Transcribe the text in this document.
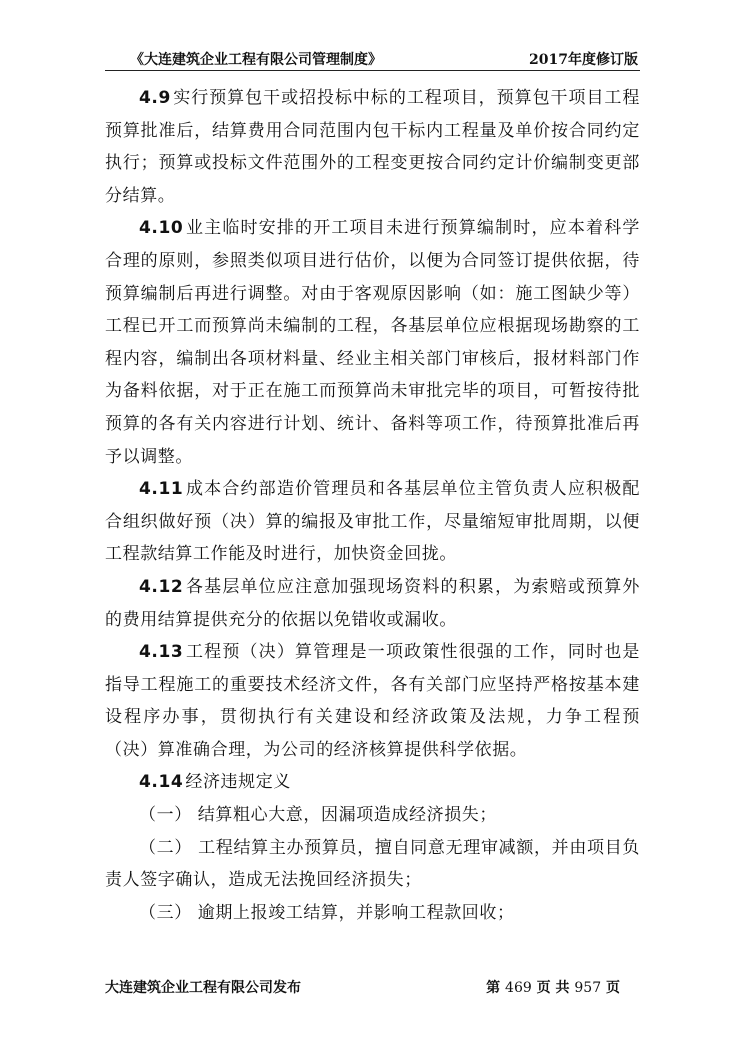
《大连建筑企业工程有限公司管理制度》	2017年度修订版

4.9 实行预算包干或招投标中标的工程项目，预算包干项目工程预算批准后，结算费用合同范围内包干标内工程量及单价按合同约定执行；预算或投标文件范围外的工程变更按合同约定计价编制变更部分结算。

4.10 业主临时安排的开工项目未进行预算编制时，应本着科学合理的原则，参照类似项目进行估价，以便为合同签订提供依据，待预算编制后再进行调整。对由于客观原因影响（如：施工图缺少等）工程已开工而预算尚未编制的工程，各基层单位应根据现场勘察的工程内容，编制出各项材料量、经业主相关部门审核后，报材料部门作为备料依据，对于正在施工而预算尚未审批完毕的项目，可暂按待批预算的各有关内容进行计划、统计、备料等项工作，待预算批准后再予以调整。

4.11 成本合约部造价管理员和各基层单位主管负责人应积极配合组织做好预（决）算的编报及审批工作，尽量缩短审批周期，以便工程款结算工作能及时进行，加快资金回拢。

4.12 各基层单位应注意加强现场资料的积累，为索赔或预算外的费用结算提供充分的依据以免错收或漏收。

4.13 工程预（决）算管理是一项政策性很强的工作，同时也是指导工程施工的重要技术经济文件，各有关部门应坚持严格按基本建设程序办事，贯彻执行有关建设和经济政策及法规，力争工程预（决）算准确合理，为公司的经济核算提供科学依据。

4.14 经济违规定义

（一） 结算粗心大意，因漏项造成经济损失；

（二） 工程结算主办预算员，擅自同意无理审减额，并由项目负责人签字确认，造成无法挽回经济损失；

（三） 逾期上报竣工结算，并影响工程款回收；

大连建筑企业工程有限公司发布	第 469 页 共 957 页
